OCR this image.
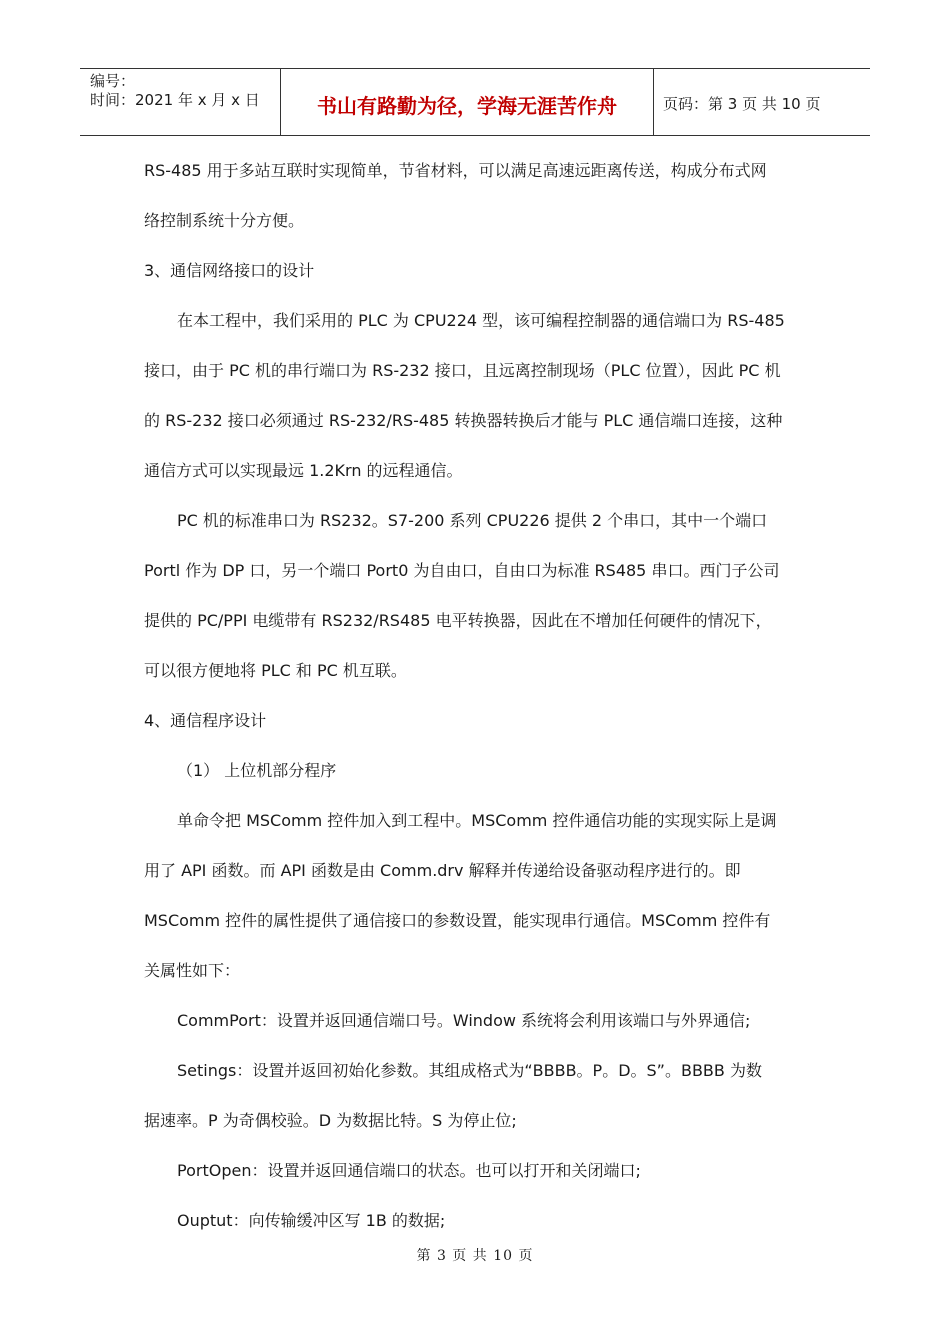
编号：
时间：2021 年 x 月 x 日	书山有路勤为径，学海无涯苦作舟	页码：第 3 页 共 10 页

RS-485 用于多站互联时实现简单，节省材料，可以满足高速远距离传送，构成分布式网

络控制系统十分方便。

3、通信网络接口的设计

在本工程中，我们采用的 PLC 为 CPU224 型，该可编程控制器的通信端口为 RS-485

接口，由于 PC 机的串行端口为 RS-232 接口，且远离控制现场（PLC 位置），因此 PC 机

的 RS-232 接口必须通过 RS-232/RS-485 转换器转换后才能与 PLC 通信端口连接，这种

通信方式可以实现最远 1.2Krn 的远程通信。

PC 机的标准串口为 RS232。S7-200 系列 CPU226 提供 2 个串口，其中一个端口

Portl 作为 DP 口，另一个端口 Port0 为自由口，自由口为标准 RS485 串口。西门子公司

提供的 PC/PPI 电缆带有 RS232/RS485 电平转换器，因此在不增加任何硬件的情况下，

可以很方便地将 PLC 和 PC 机互联。

4、通信程序设计

（1） 上位机部分程序

单命令把 MSComm 控件加入到工程中。MSComm 控件通信功能的实现实际上是调

用了 API 函数。而 API 函数是由 Comm.drv 解释并传递给设备驱动程序进行的。即

MSComm 控件的属性提供了通信接口的参数设置，能实现串行通信。MSComm 控件有

关属性如下：

CommPort：设置并返回通信端口号。Window 系统将会利用该端口与外界通信;

Setings：设置并返回初始化参数。其组成格式为“BBBB。P。D。S”。BBBB 为数

据速率。P 为奇偶校验。D 为数据比特。S 为停止位;

PortOpen：设置并返回通信端口的状态。也可以打开和关闭端口;

Ouptut：向传输缓冲区写 1B 的数据;

第 3 页 共 10 页
